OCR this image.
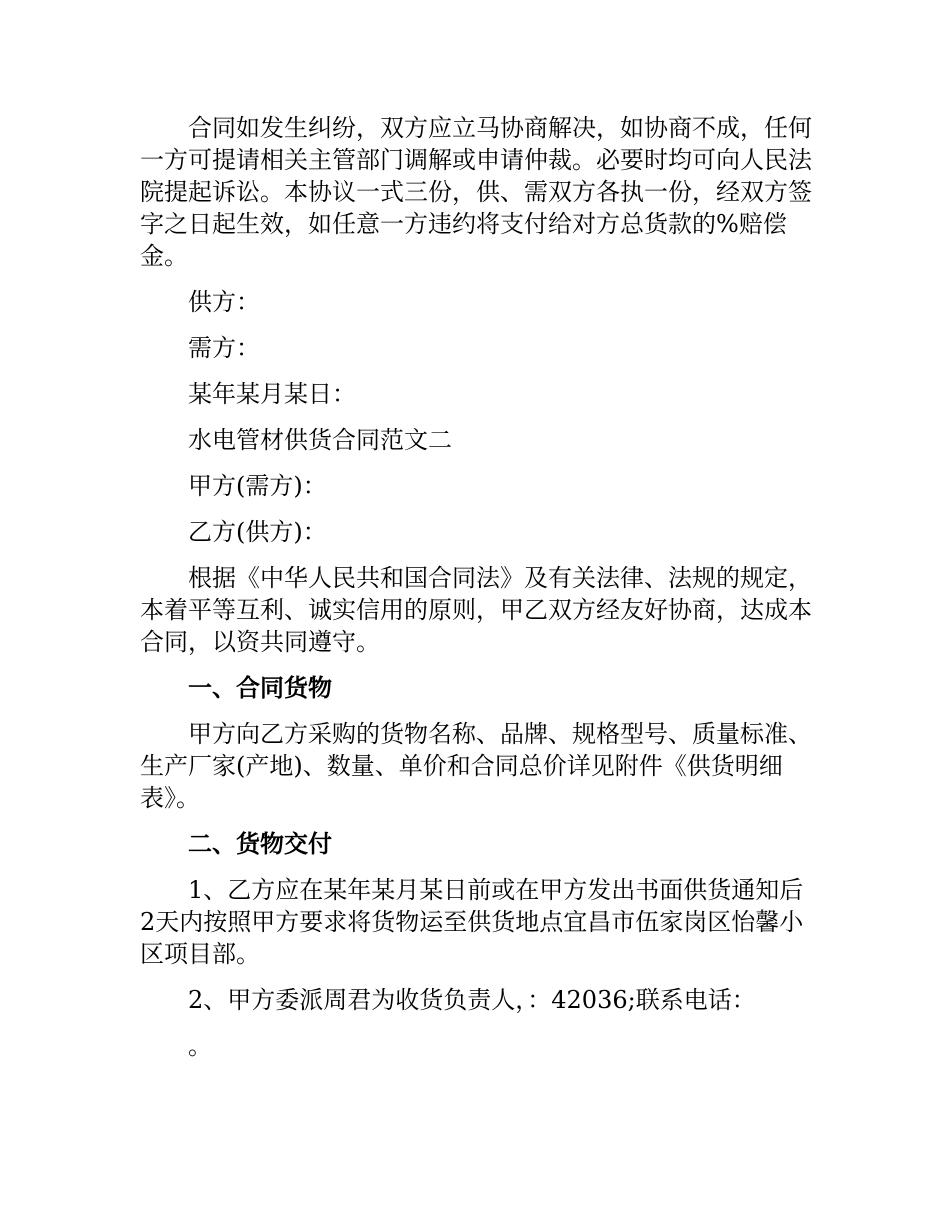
合同如发生纠纷，双方应立马协商解决，如协商不成，任何一方可提请相关主管部门调解或申请仲裁。必要时均可向人民法院提起诉讼。本协议一式三份，供、需双方各执一份，经双方签字之日起生效，如任意一方违约将支付给对方总货款的%赔偿金。

供方：

需方：

某年某月某日：

水电管材供货合同范文二

甲方(需方)：

乙方(供方)：

根据《中华人民共和国合同法》及有关法律、法规的规定，本着平等互利、诚实信用的原则，甲乙双方经友好协商，达成本合同，以资共同遵守。

一、合同货物

甲方向乙方采购的货物名称、品牌、规格型号、质量标准、生产厂家(产地)、数量、单价和合同总价详见附件《供货明细表》。

二、货物交付

1、乙方应在某年某月某日前或在甲方发出书面供货通知后2天内按照甲方要求将货物运至供货地点宜昌市伍家岗区怡馨小区项目部。

2、甲方委派周君为收货负责人，：42036;联系电话：

。
